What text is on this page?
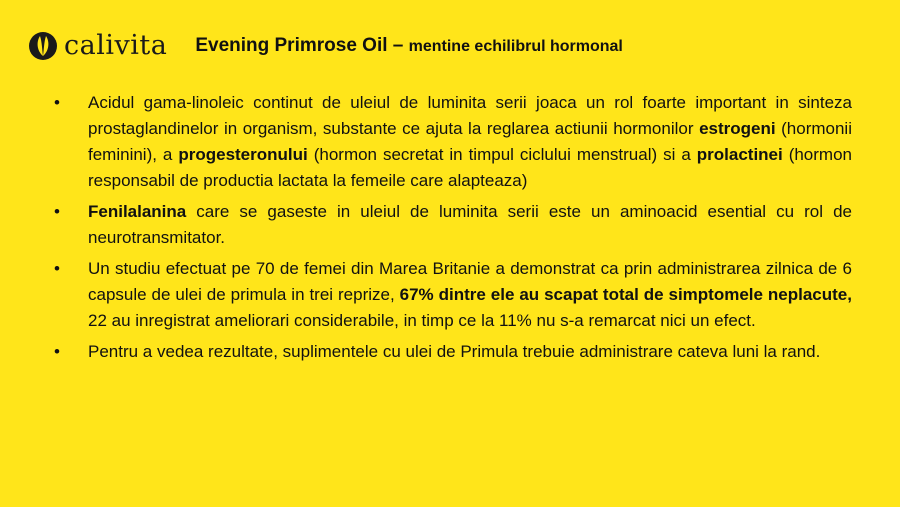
calivita Evening Primrose Oil – mentine echilibrul hormonal
• Acidul gama-linoleic continut de uleiul de luminita serii joaca un rol foarte important in sinteza prostaglandinelor in organism, substante ce ajuta la reglarea actiunii hormonilor estrogeni (hormonii feminini), a progesteronului (hormon secretat in timpul ciclului menstrual) si a prolactinei (hormon responsabil de productia lactata la femeile care alapteaza)
• Fenilalanina care se gaseste in uleiul de luminita serii este un aminoacid esential cu rol de neurotransmitator.
• Un studiu efectuat pe 70 de femei din Marea Britanie a demonstrat ca prin administrarea zilnica de 6 capsule de ulei de primula in trei reprize, 67% dintre ele au scapat total de simptomele neplacute, 22 au inregistrat ameliorari considerabile, in timp ce la 11% nu s-a remarcat nici un efect.
• Pentru a vedea rezultate, suplimentele cu ulei de Primula trebuie administrare cateva luni la rand.
